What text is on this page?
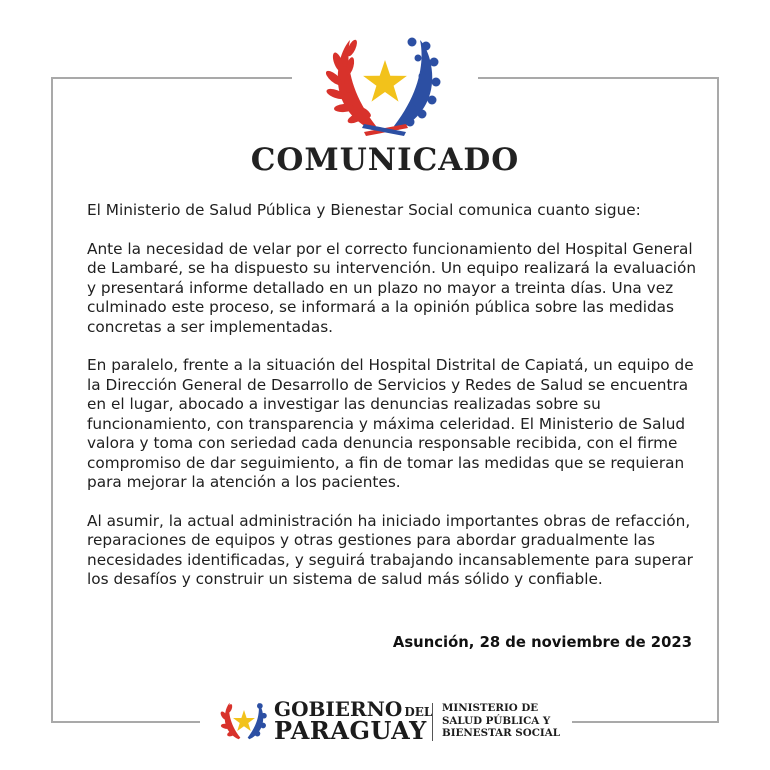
COMUNICADO

El Ministerio de Salud Pública y Bienestar Social comunica cuanto sigue:

Ante la necesidad de velar por el correcto funcionamiento del Hospital General de Lambaré, se ha dispuesto su intervención. Un equipo realizará la evaluación y presentará informe detallado en un plazo no mayor a treinta días. Una vez culminado este proceso, se informará a la opinión pública sobre las medidas concretas a ser implementadas.

En paralelo, frente a la situación del Hospital Distrital de Capiatá, un equipo de la Dirección General de Desarrollo de Servicios y Redes de Salud se encuentra en el lugar, abocado a investigar las denuncias realizadas sobre su funcionamiento, con transparencia y máxima celeridad. El Ministerio de Salud valora y toma con seriedad cada denuncia responsable recibida, con el firme compromiso de dar seguimiento, a fin de tomar las medidas que se requieran para mejorar la atención a los pacientes.

Al asumir, la actual administración ha iniciado importantes obras de refacción, reparaciones de equipos y otras gestiones para abordar gradualmente las necesidades identificadas, y seguirá trabajando incansablemente para superar los desafíos y construir un sistema de salud más sólido y confiable.

Asunción, 28 de noviembre de 2023
GOBIERNO DEL
PARAGUAY
MINISTERIO DE
SALUD PÚBLICA Y
BIENESTAR SOCIAL
